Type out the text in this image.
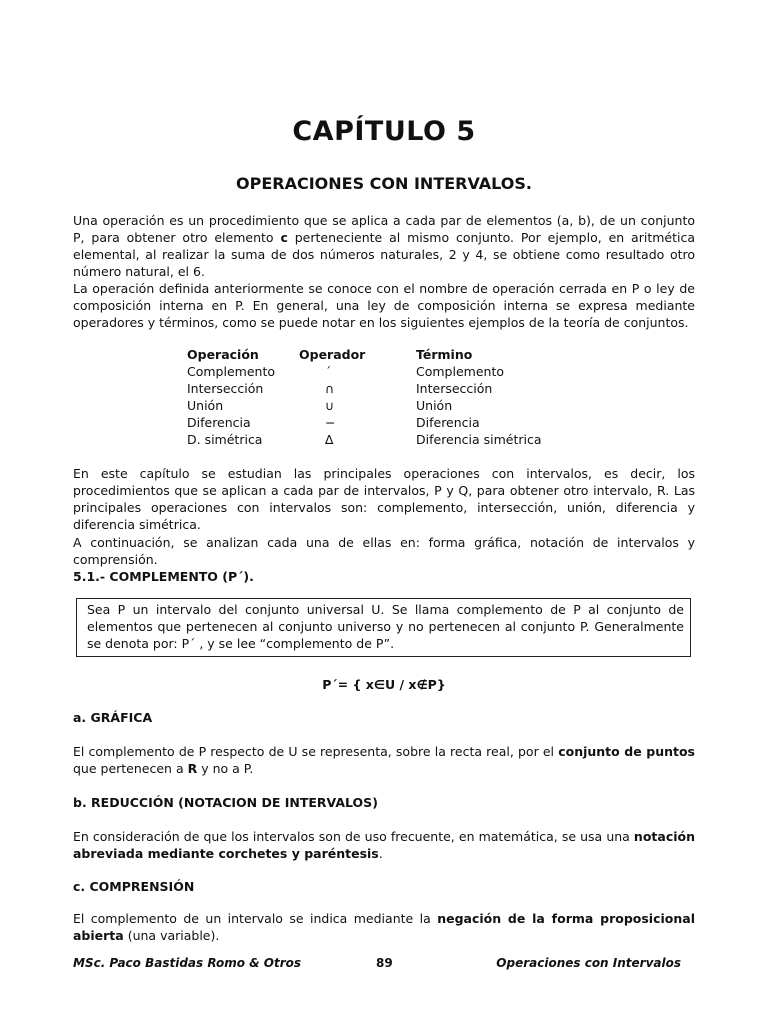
CAPÍTULO 5
OPERACIONES CON INTERVALOS.

Una operación es un procedimiento que se aplica a cada par de elementos (a, b), de un conjunto P, para obtener otro elemento c perteneciente al mismo conjunto. Por ejemplo, en aritmética elemental, al realizar la suma de dos números naturales, 2 y 4, se obtiene como resultado otro número natural, el 6.

La operación definida anteriormente se conoce con el nombre de operación cerrada en P o ley de composición interna en P. En general, una ley de composición interna se expresa mediante operadores y términos, como se puede notar en los siguientes ejemplos de la teoría de conjuntos.

Operación	Operador	Término
Complemento	´	Complemento
Intersección	∩	Intersección
Unión	∪	Unión
Diferencia	−	Diferencia
D. simétrica	∆	Diferencia simétrica

En este capítulo se estudian las principales operaciones con intervalos, es decir, los procedimientos que se aplican a cada par de intervalos, P y Q, para obtener otro intervalo, R. Las principales operaciones con intervalos son: complemento, intersección, unión, diferencia y diferencia simétrica.

A continuación, se analizan cada una de ellas en: forma gráfica, notación de intervalos y comprensión.

5.1.- COMPLEMENTO (P´).

Sea P un intervalo del conjunto universal U. Se llama complemento de P al conjunto de elementos que pertenecen al conjunto universo y no pertenecen al conjunto P. Generalmente se denota por: P´ , y se lee “complemento de P”.
P´= { x∈U / x∉P}

a. GRÁFICA

El complemento de P respecto de U se representa, sobre la recta real, por el conjunto de puntos que pertenecen a R y no a P.

b. REDUCCIÓN (NOTACION DE INTERVALOS)

En consideración de que los intervalos son de uso frecuente, en matemática, se usa una notación abreviada mediante corchetes y paréntesis.

c. COMPRENSIÓN

El complemento de un intervalo se indica mediante la negación de la forma proposicional abierta (una variable).

MSc. Paco Bastidas Romo & Otros	89	Operaciones con Intervalos
